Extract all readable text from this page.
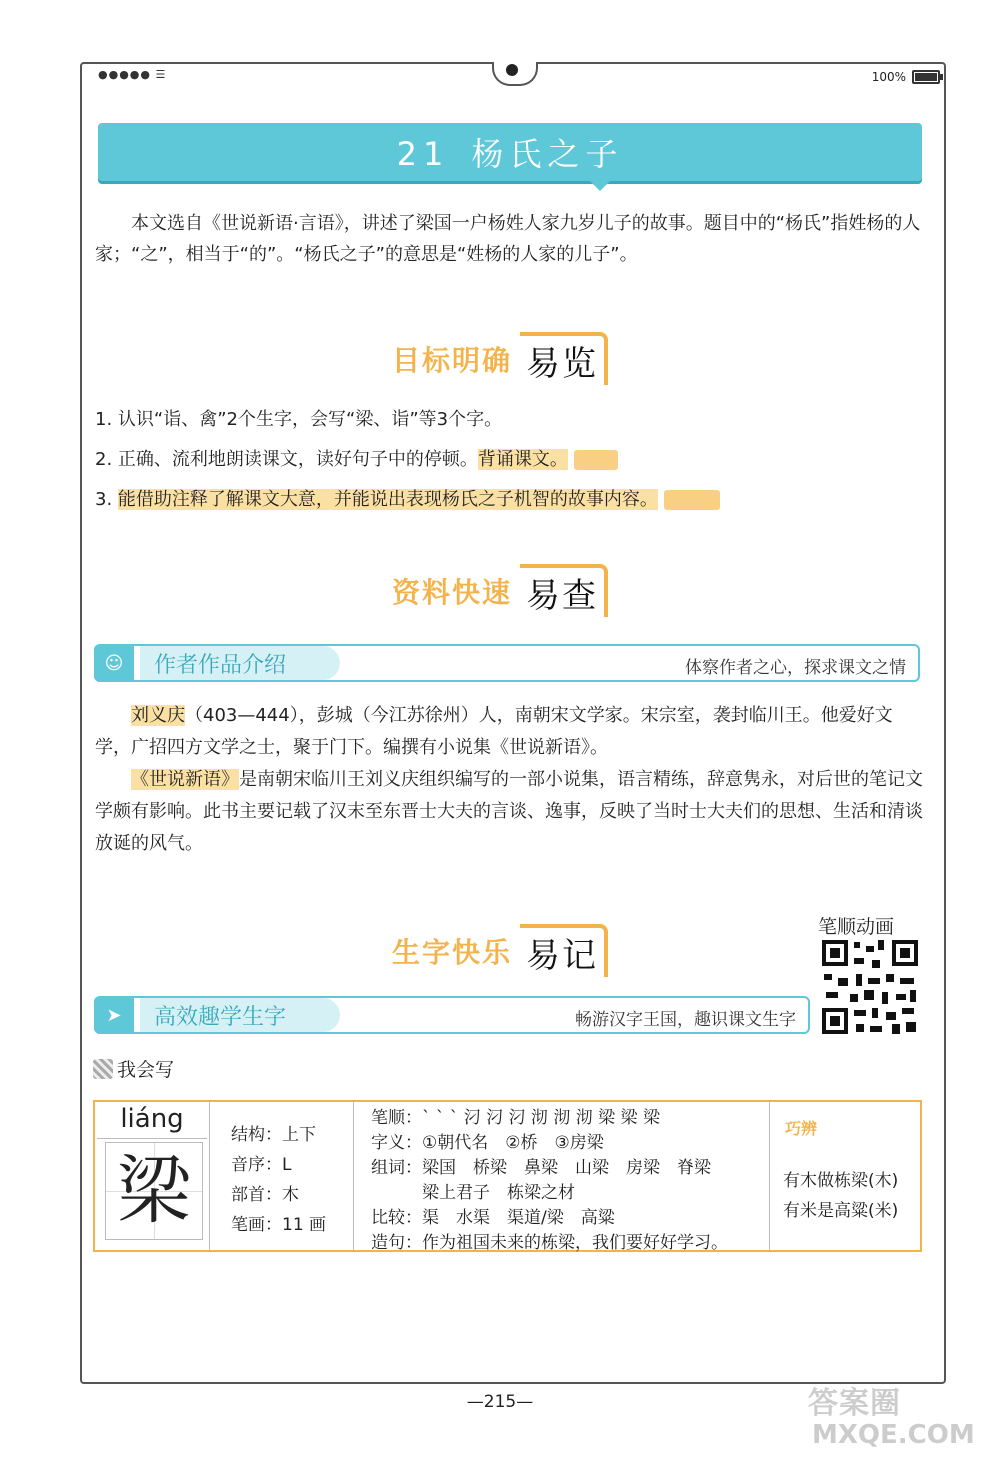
●●●●● ☰	100%
21 杨氏之子

本文选自《世说新语·言语》，讲述了梁国一户杨姓人家九岁儿子的故事。题目中的“杨氏”指姓杨的人家；“之”，相当于“的”。“杨氏之子”的意思是“姓杨的人家的儿子”。

目标明确 易览
1. 认识“诣、禽”2个生字，会写“梁、诣”等3个字。
2. 正确、流利地朗读课文，读好句子中的停顿。背诵课文。
3. 能借助注释了解课文大意，并能说出表现杨氏之子机智的故事内容。
资料快速 易查
☺	作者作品介绍	体察作者之心，探求课文之情

刘义庆（403—444），彭城（今江苏徐州）人，南朝宋文学家。宋宗室，袭封临川王。他爱好文学，广招四方文学之士，聚于门下。编撰有小说集《世说新语》。

《世说新语》是南朝宋临川王刘义庆组织编写的一部小说集，语言精练，辞意隽永，对后世的笔记文学颇有影响。此书主要记载了汉末至东晋士大夫的言谈、逸事，反映了当时士大夫们的思想、生活和清谈放诞的风气。

生字快乐 易记
笔顺动画
➤	高效趣学生字	畅游汉字王国，趣识课文生字
我会写
liáng
梁
结构：上下
音序：L
部首：木
笔画：11 画
笔顺：` ` ` 汈 汈 汈 沏 沏 沏 梁 梁 梁
字义：①朝代名　②桥　③房梁
组词：梁国　桥梁　鼻梁　山梁　房梁　脊梁
　　　梁上君子　栋梁之材
比较：渠　水渠　渠道/梁　高粱
造句：作为祖国未来的栋梁，我们要好好学习。
巧辨
有木做栋梁(木)
有米是高粱(米)
—215—	答案圈
MXQE.COM
